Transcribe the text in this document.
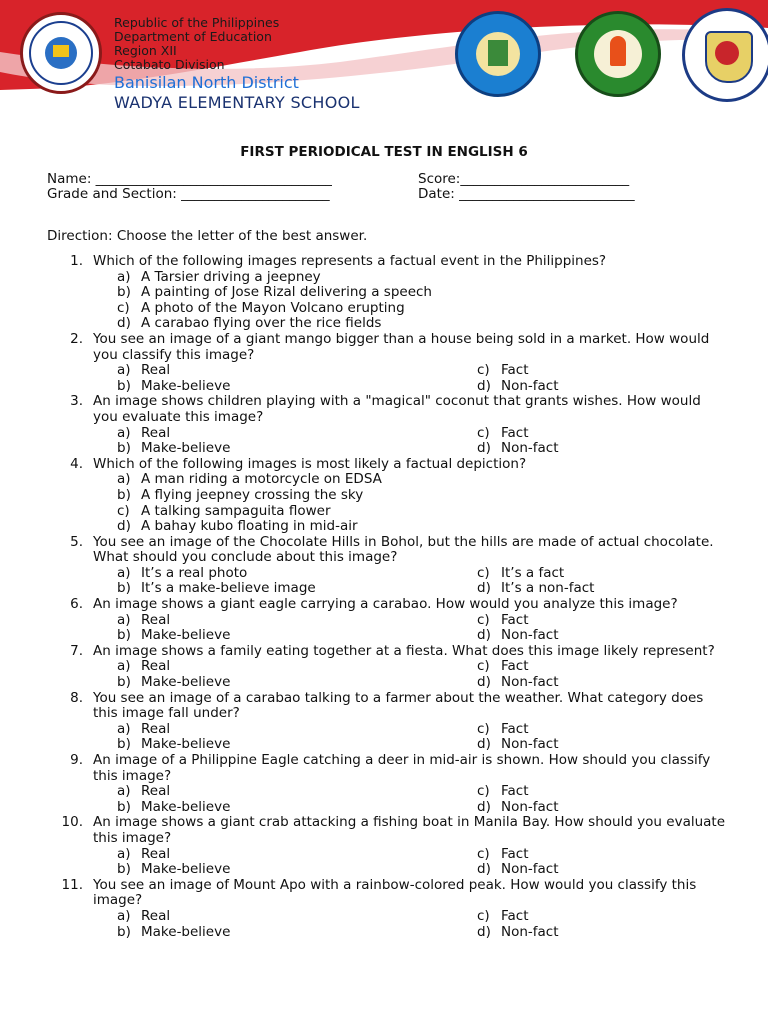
Republic of the Philippines
Department of Education
Region XII
Cotabato Division
Banisilan North District
WADYA ELEMENTARY SCHOOL
FIRST PERIODICAL TEST IN ENGLISH 6
Name: ___________________________________	Score:_________________________
Grade and Section: ______________________	Date: __________________________
Direction: Choose the letter of the best answer.
1. Which of the following images represents a factual event in the Philippines?
a) A Tarsier driving a jeepney
b) A painting of Jose Rizal delivering a speech
c) A photo of the Mayon Volcano erupting
d) A carabao flying over the rice fields
2. You see an image of a giant mango bigger than a house being sold in a market. How would you classify this image?
a) Real	c) Fact
b) Make-believe	d) Non-fact
3. An image shows children playing with a "magical" coconut that grants wishes. How would you evaluate this image?
a) Real	c) Fact
b) Make-believe	d) Non-fact
4. Which of the following images is most likely a factual depiction?
a) A man riding a motorcycle on EDSA
b) A flying jeepney crossing the sky
c) A talking sampaguita flower
d) A bahay kubo floating in mid-air
5. You see an image of the Chocolate Hills in Bohol, but the hills are made of actual chocolate. What should you conclude about this image?
a) It’s a real photo	c) It’s a fact
b) It’s a make-believe image	d) It’s a non-fact
6. An image shows a giant eagle carrying a carabao. How would you analyze this image?
a) Real	c) Fact
b) Make-believe	d) Non-fact
7. An image shows a family eating together at a fiesta. What does this image likely represent?
a) Real	c) Fact
b) Make-believe	d) Non-fact
8. You see an image of a carabao talking to a farmer about the weather. What category does this image fall under?
a) Real	c) Fact
b) Make-believe	d) Non-fact
9. An image of a Philippine Eagle catching a deer in mid-air is shown. How should you classify this image?
a) Real	c) Fact
b) Make-believe	d) Non-fact
10. An image shows a giant crab attacking a fishing boat in Manila Bay. How should you evaluate this image?
a) Real	c) Fact
b) Make-believe	d) Non-fact
11. You see an image of Mount Apo with a rainbow-colored peak. How would you classify this image?
a) Real	c) Fact
b) Make-believe	d) Non-fact
